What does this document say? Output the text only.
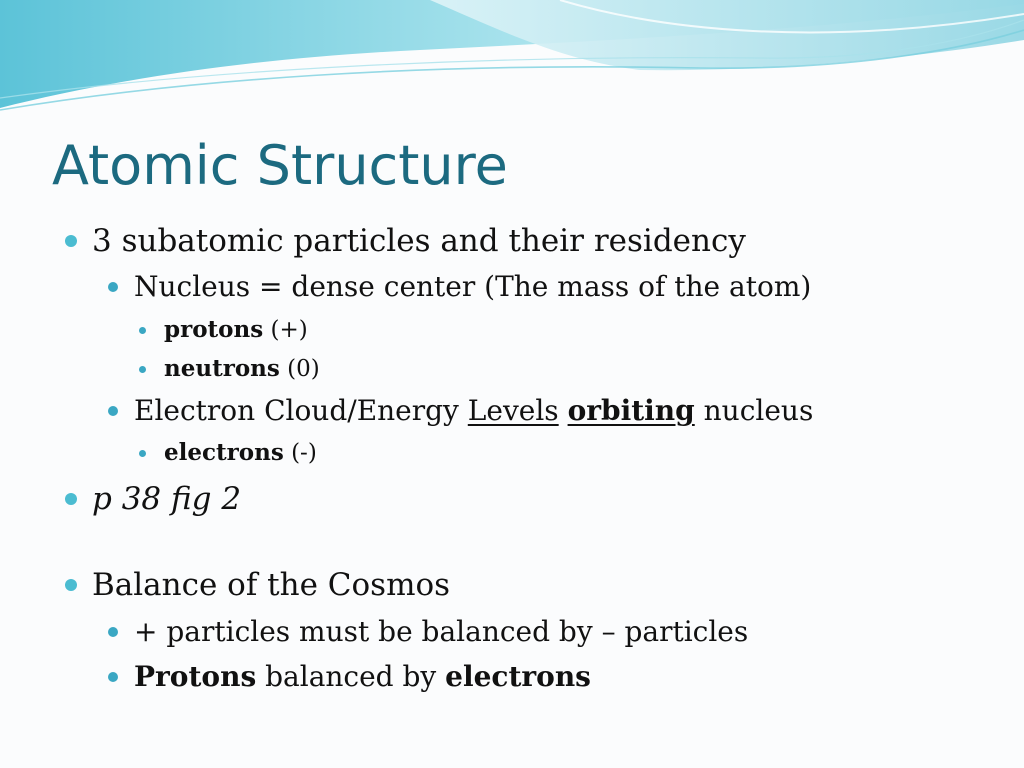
Atomic Structure
3 subatomic particles and their residency
Nucleus = dense center (The mass of the atom)
protons (+)
neutrons (0)
Electron Cloud/Energy Levels orbiting nucleus
electrons (-)
p 38 fig 2
Balance of the Cosmos
+ particles must be balanced by – particles
Protons balanced by electrons
